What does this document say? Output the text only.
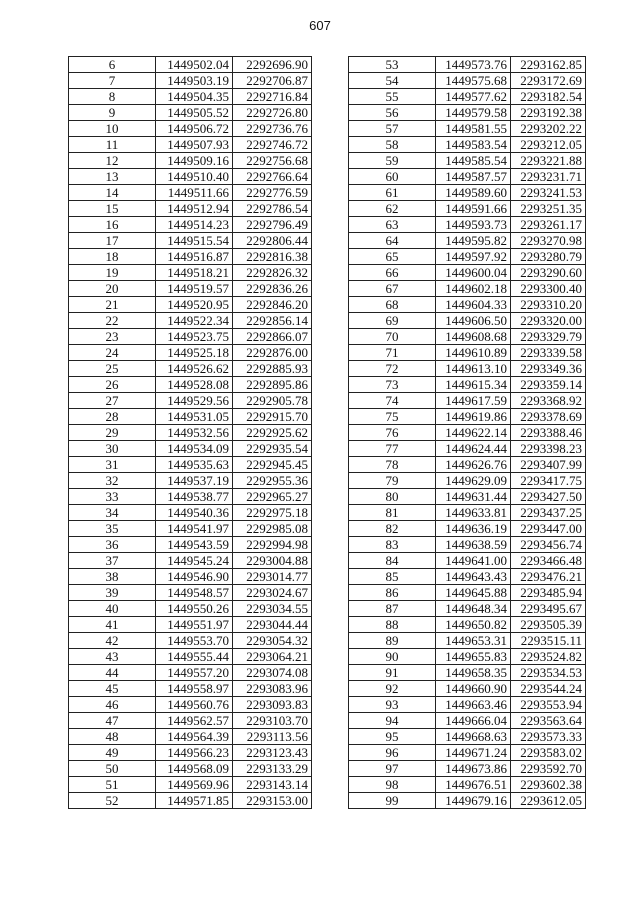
607
6	1449502.04	2292696.90
7	1449503.19	2292706.87
8	1449504.35	2292716.84
9	1449505.52	2292726.80
10	1449506.72	2292736.76
11	1449507.93	2292746.72
12	1449509.16	2292756.68
13	1449510.40	2292766.64
14	1449511.66	2292776.59
15	1449512.94	2292786.54
16	1449514.23	2292796.49
17	1449515.54	2292806.44
18	1449516.87	2292816.38
19	1449518.21	2292826.32
20	1449519.57	2292836.26
21	1449520.95	2292846.20
22	1449522.34	2292856.14
23	1449523.75	2292866.07
24	1449525.18	2292876.00
25	1449526.62	2292885.93
26	1449528.08	2292895.86
27	1449529.56	2292905.78
28	1449531.05	2292915.70
29	1449532.56	2292925.62
30	1449534.09	2292935.54
31	1449535.63	2292945.45
32	1449537.19	2292955.36
33	1449538.77	2292965.27
34	1449540.36	2292975.18
35	1449541.97	2292985.08
36	1449543.59	2292994.98
37	1449545.24	2293004.88
38	1449546.90	2293014.77
39	1449548.57	2293024.67
40	1449550.26	2293034.55
41	1449551.97	2293044.44
42	1449553.70	2293054.32
43	1449555.44	2293064.21
44	1449557.20	2293074.08
45	1449558.97	2293083.96
46	1449560.76	2293093.83
47	1449562.57	2293103.70
48	1449564.39	2293113.56
49	1449566.23	2293123.43
50	1449568.09	2293133.29
51	1449569.96	2293143.14
52	1449571.85	2293153.00
53	1449573.76	2293162.85
54	1449575.68	2293172.69
55	1449577.62	2293182.54
56	1449579.58	2293192.38
57	1449581.55	2293202.22
58	1449583.54	2293212.05
59	1449585.54	2293221.88
60	1449587.57	2293231.71
61	1449589.60	2293241.53
62	1449591.66	2293251.35
63	1449593.73	2293261.17
64	1449595.82	2293270.98
65	1449597.92	2293280.79
66	1449600.04	2293290.60
67	1449602.18	2293300.40
68	1449604.33	2293310.20
69	1449606.50	2293320.00
70	1449608.68	2293329.79
71	1449610.89	2293339.58
72	1449613.10	2293349.36
73	1449615.34	2293359.14
74	1449617.59	2293368.92
75	1449619.86	2293378.69
76	1449622.14	2293388.46
77	1449624.44	2293398.23
78	1449626.76	2293407.99
79	1449629.09	2293417.75
80	1449631.44	2293427.50
81	1449633.81	2293437.25
82	1449636.19	2293447.00
83	1449638.59	2293456.74
84	1449641.00	2293466.48
85	1449643.43	2293476.21
86	1449645.88	2293485.94
87	1449648.34	2293495.67
88	1449650.82	2293505.39
89	1449653.31	2293515.11
90	1449655.83	2293524.82
91	1449658.35	2293534.53
92	1449660.90	2293544.24
93	1449663.46	2293553.94
94	1449666.04	2293563.64
95	1449668.63	2293573.33
96	1449671.24	2293583.02
97	1449673.86	2293592.70
98	1449676.51	2293602.38
99	1449679.16	2293612.05
